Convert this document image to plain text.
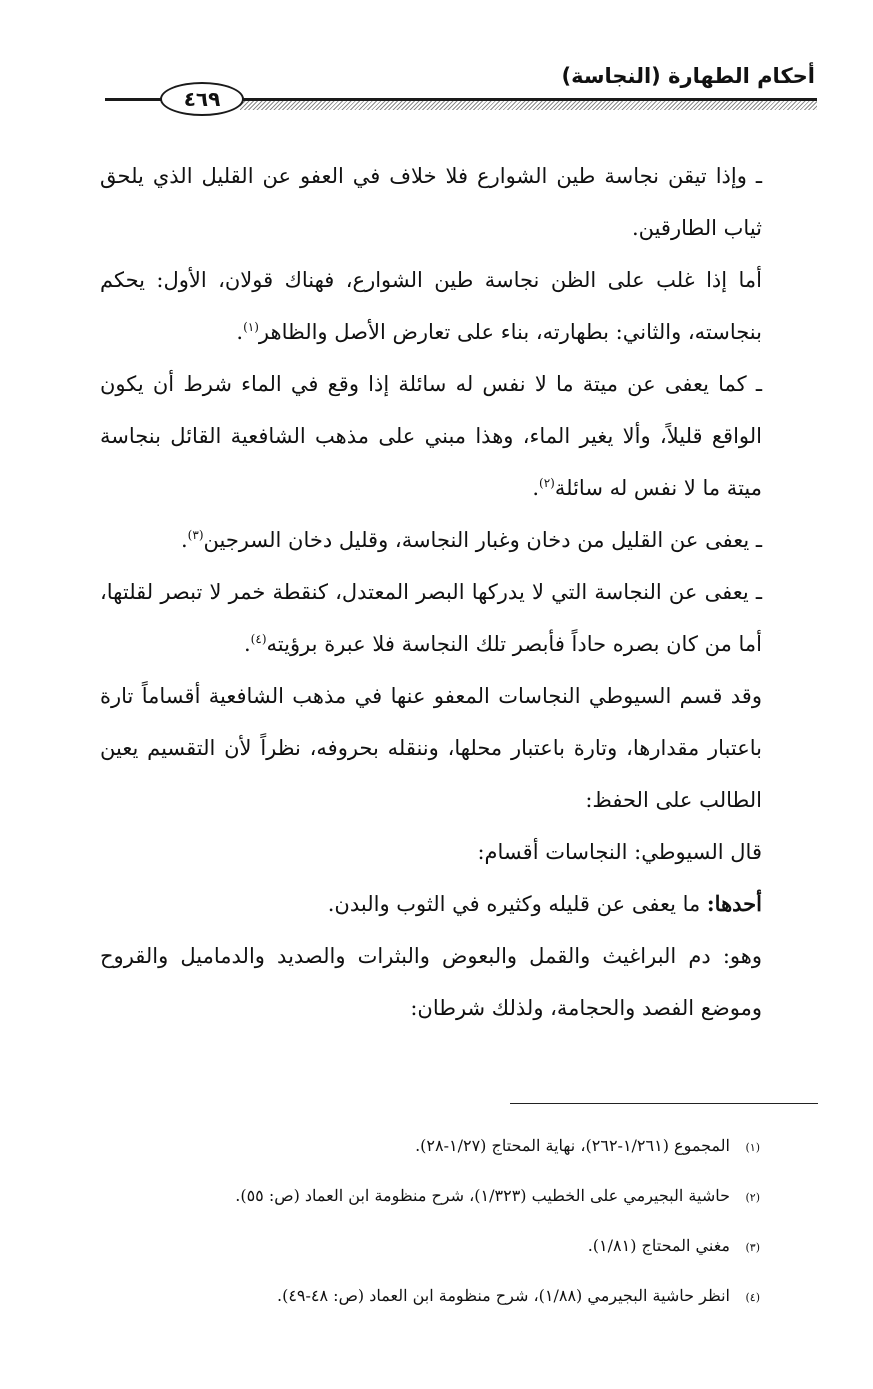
أحكام الطهارة (النجاسة)
٤٦٩

ـ وإذا تيقن نجاسة طين الشوارع فلا خلاف في العفو عن القليل الذي يلحق ثياب الطارقين.

أما إذا غلب على الظن نجاسة طين الشوارع، فهناك قولان، الأول: يحكم بنجاسته، والثاني: بطهارته، بناء على تعارض الأصل والظاهر$^{(١)}$.

ـ كما يعفى عن ميتة ما لا نفس له سائلة إذا وقع في الماء شرط أن يكون الواقع قليلاً، وألا يغير الماء، وهذا مبني على مذهب الشافعية القائل بنجاسة ميتة ما لا نفس له سائلة$^{(٢)}$.

ـ يعفى عن القليل من دخان وغبار النجاسة، وقليل دخان السرجين$^{(٣)}$.

ـ يعفى عن النجاسة التي لا يدركها البصر المعتدل، كنقطة خمر لا تبصر لقلتها، أما من كان بصره حاداً فأبصر تلك النجاسة فلا عبرة برؤيته$^{(٤)}$.

وقد قسم السيوطي النجاسات المعفو عنها في مذهب الشافعية أقساماً تارة باعتبار مقدارها، وتارة باعتبار محلها، وننقله بحروفه، نظراً لأن التقسيم يعين الطالب على الحفظ:

قال السيوطي: النجاسات أقسام:

أحدها: ما يعفى عن قليله وكثيره في الثوب والبدن.

وهو: دم البراغيث والقمل والبعوض والبثرات والصديد والدماميل والقروح وموضع الفصد والحجامة، ولذلك شرطان:

(١)
المجموع (١/٢٦١-٢٦٢)، نهاية المحتاج (١/٢٧-٢٨).
(٢)
حاشية البجيرمي على الخطيب (١/٣٢٣)، شرح منظومة ابن العماد (ص: ٥٥).
(٣)
مغني المحتاج (١/٨١).
(٤)
انظر حاشية البجيرمي (١/٨٨)، شرح منظومة ابن العماد (ص: ٤٨-٤٩).
